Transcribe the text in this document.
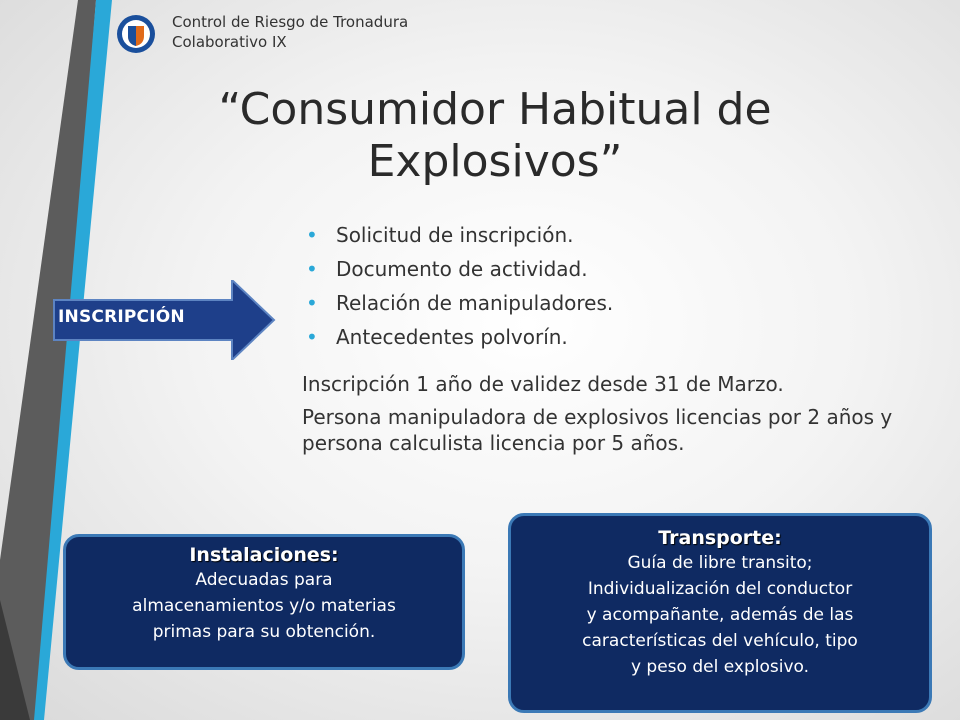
Control de Riesgo de Tronadura
Colaborativo IX
“Consumidor Habitual de
Explosivos”
INSCRIPCIÓN
• Solicitud de inscripción.
• Documento de actividad.
• Relación de manipuladores.
• Antecedentes polvorín.

Inscripción 1 año de validez desde 31 de Marzo.

Persona manipuladora de explosivos licencias por 2 años y persona calculista licencia por 5 años.

Instalaciones:
Adecuadas para
almacenamientos y/o materias
primas para su obtención.
Transporte:
Guía de libre transito;
Individualización del conductor
y acompañante, además de las
características del vehículo, tipo
y peso del explosivo.
